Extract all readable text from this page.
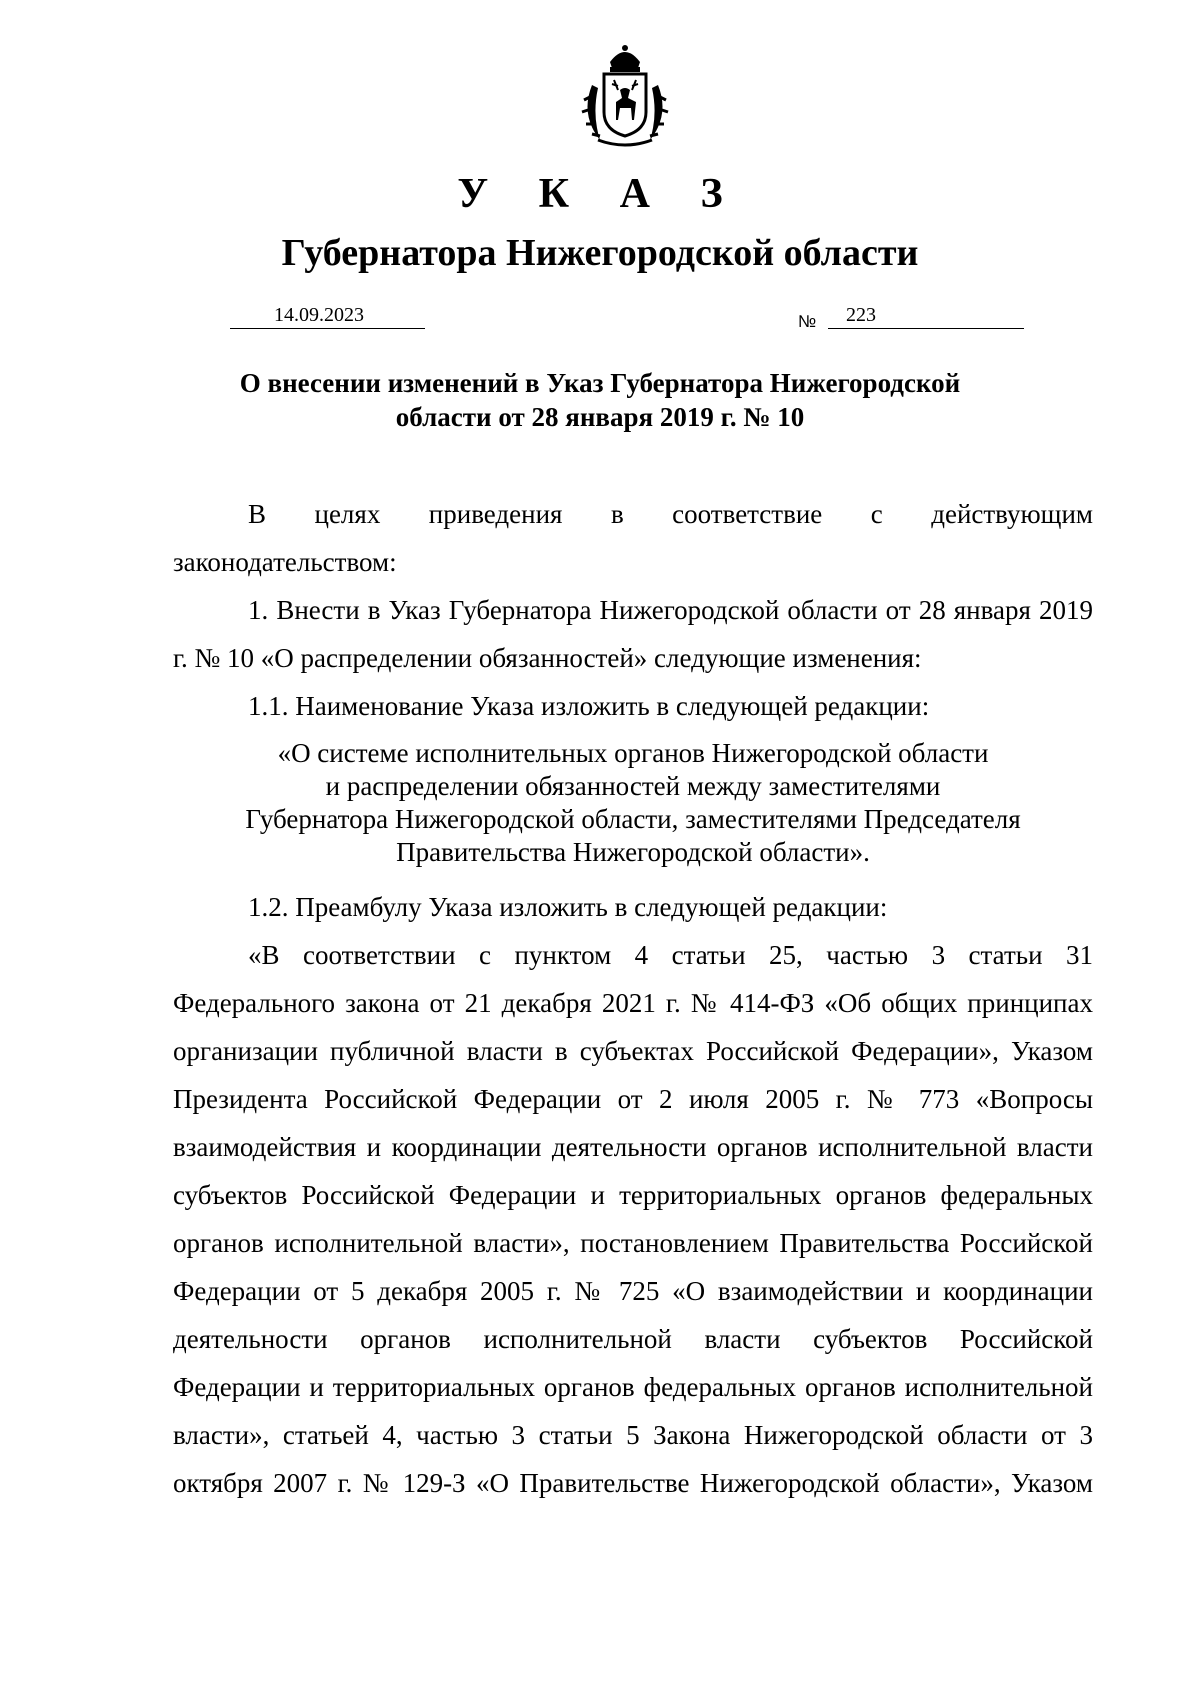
У К А З
Губернатора Нижегородской области
14.09.2023	№	223
О внесении изменений в Указ Губернатора Нижегородской
области от 28 января 2019 г. № 10

В целях приведения в соответствие с действующим

законодательством:

1. Внести в Указ Губернатора Нижегородской области от 28 января 2019 г. № 10 «О распределении обязанностей» следующие изменения:

1.1. Наименование Указа изложить в следующей редакции:

«О системе исполнительных органов Нижегородской области
и распределении обязанностей между заместителями
Губернатора Нижегородской области, заместителями Председателя
Правительства Нижегородской области».

1.2. Преамбулу Указа изложить в следующей редакции:

«В соответствии с пунктом 4 статьи 25, частью 3 статьи 31 Федерального закона от 21 декабря 2021 г. № 414-ФЗ «Об общих принципах организации публичной власти в субъектах Российской Федерации», Указом Президента Российской Федерации от 2 июля 2005 г. № 773 «Вопросы взаимодействия и координации деятельности органов исполнительной власти субъектов Российской Федерации и территориальных органов федеральных органов исполнительной власти», постановлением Правительства Российской Федерации от 5 декабря 2005 г. № 725 «О взаимодействии и координации деятельности органов исполнительной власти субъектов Российской Федерации и территориальных органов федеральных органов исполнительной власти», статьей 4, частью 3 статьи 5 Закона Нижегородской области от 3 октября 2007 г. № 129-З «О Правительстве Нижегородской области», Указом
